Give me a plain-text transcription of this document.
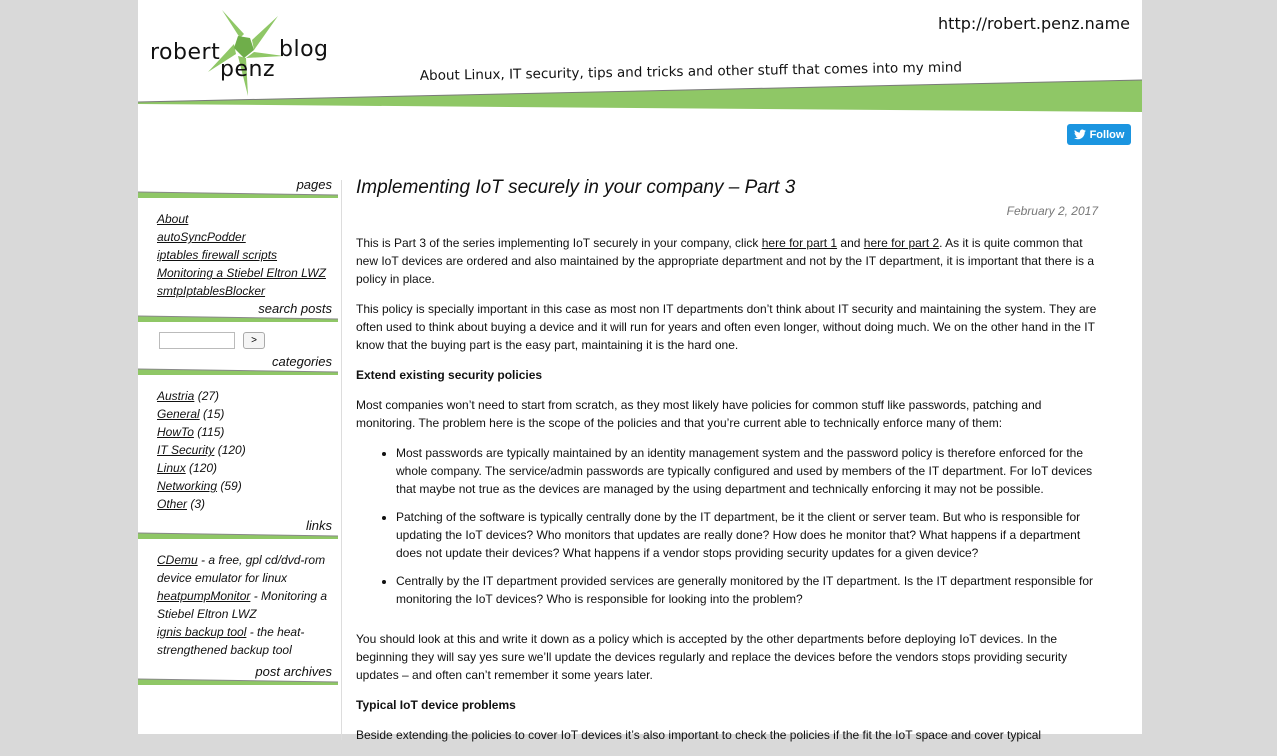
robert
penz
blog
http://robert.penz.name
About Linux, IT security, tips and tricks and other stuff that comes into my mind
Follow
pages
About
autoSyncPodder
iptables firewall scripts
Monitoring a Stiebel Eltron LWZ
smtpIptablesBlocker
search posts
>
categories
Austria (27)
General (15)
HowTo (115)
IT Security (120)
Linux (120)
Networking (59)
Other (3)
links
CDemu - a free, gpl cd/dvd-rom device emulator for linux
heatpumpMonitor - Monitoring a Stiebel Eltron LWZ
ignis backup tool - the heat-strengthened backup tool
post archives
Implementing IoT securely in your company – Part 3
February 2, 2017

This is Part 3 of the series implementing IoT securely in your company, click here for part 1 and here for part 2. As it is quite common that new IoT devices are ordered and also maintained by the appropriate department and not by the IT department, it is important that there is a policy in place.

This policy is specially important in this case as most non IT departments don’t think about IT security and maintaining the system. They are often used to think about buying a device and it will run for years and often even longer, without doing much. We on the other hand in the IT know that the buying part is the easy part, maintaining it is the hard one.

Extend existing security policies

Most companies won’t need to start from scratch, as they most likely have policies for common stuff like passwords, patching and monitoring. The problem here is the scope of the policies and that you’re current able to technically enforce many of them:

• Most passwords are typically maintained by an identity management system and the password policy is therefore enforced for the whole company. The service/admin passwords are typically configured and used by members of the IT department. For IoT devices that maybe not true as the devices are managed by the using department and technically enforcing it may not be possible.
• Patching of the software is typically centrally done by the IT department, be it the client or server team. But who is responsible for updating the IoT devices? Who monitors that updates are really done? How does he monitor that? What happens if a department does not update their devices? What happens if a vendor stops providing security updates for a given device?
• Centrally by the IT department provided services are generally monitored by the IT department. Is the IT department responsible for monitoring the IoT devices? Who is responsible for looking into the problem?

You should look at this and write it down as a policy which is accepted by the other departments before deploying IoT devices. In the beginning they will say yes sure we’ll update the devices regularly and replace the devices before the vendors stops providing security updates – and often can’t remember it some years later.

Typical IoT device problems

Beside extending the policies to cover IoT devices it’s also important to check the policies if the fit the IoT space and cover typical
